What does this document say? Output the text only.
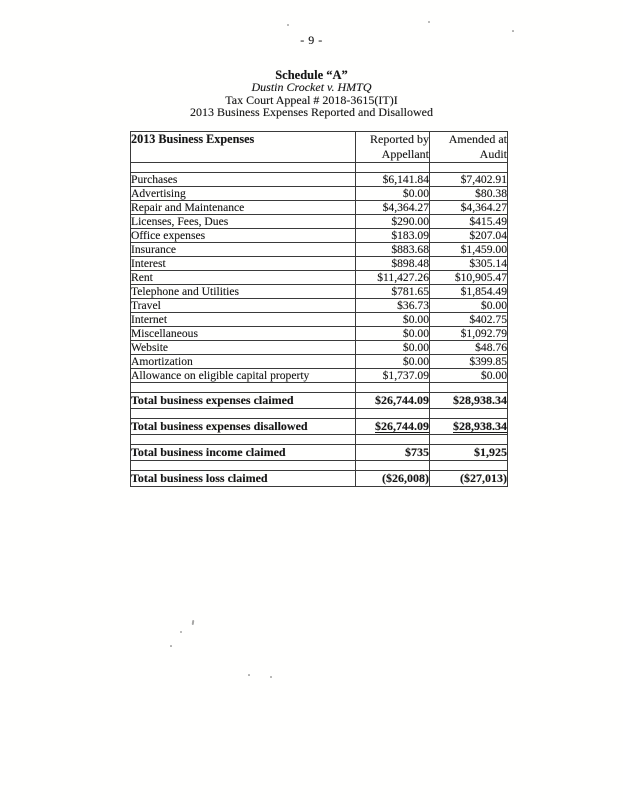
- 9 -
Schedule “A”
Dustin Crocket v. HMTQ
Tax Court Appeal # 2018-3615(IT)I
2013 Business Expenses Reported and Disallowed
2013 Business Expenses	Reported by Appellant	Amended at Audit

Purchases	$6,141.84	$7,402.91
Advertising	$0.00	$80.38
Repair and Maintenance	$4,364.27	$4,364.27
Licenses, Fees, Dues	$290.00	$415.49
Office expenses	$183.09	$207.04
Insurance	$883.68	$1,459.00
Interest	$898.48	$305.14
Rent	$11,427.26	$10,905.47
Telephone and Utilities	$781.65	$1,854.49
Travel	$36.73	$0.00
Internet	$0.00	$402.75
Miscellaneous	$0.00	$1,092.79
Website	$0.00	$48.76
Amortization	$0.00	$399.85
Allowance on eligible capital property	$1,737.09	$0.00

Total business expenses claimed	$26,744.09	$28,938.34

Total business expenses disallowed	$26,744.09	$28,938.34

Total business income claimed	$735	$1,925

Total business loss claimed	($26,008)	($27,013)
